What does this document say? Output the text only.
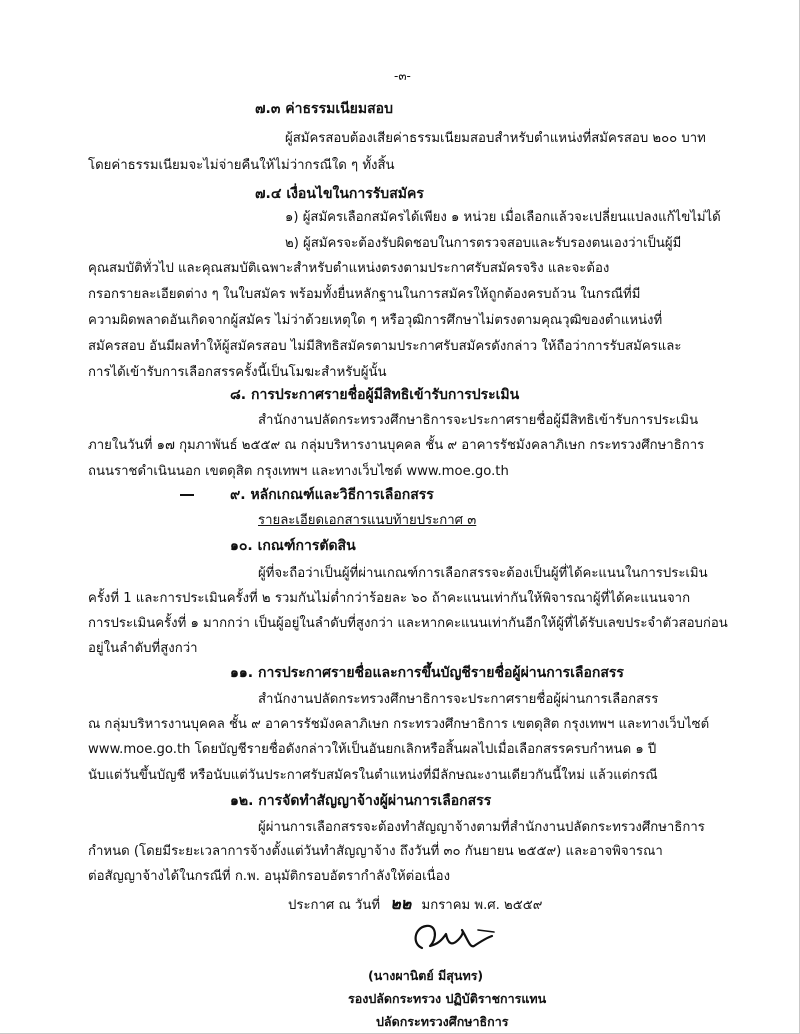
-๓-
๗.๓ ค่าธรรมเนียมสอบ
ผู้สมัครสอบต้องเสียค่าธรรมเนียมสอบสำหรับตำแหน่งที่สมัครสอบ ๒๐๐ บาท
โดยค่าธรรมเนียมจะไม่จ่ายคืนให้ไม่ว่ากรณีใด ๆ ทั้งสิ้น
๗.๔ เงื่อนไขในการรับสมัคร
๑) ผู้สมัครเลือกสมัครได้เพียง ๑ หน่วย เมื่อเลือกแล้วจะเปลี่ยนแปลงแก้ไขไม่ได้
๒) ผู้สมัครจะต้องรับผิดชอบในการตรวจสอบและรับรองตนเองว่าเป็นผู้มี
คุณสมบัติทั่วไป และคุณสมบัติเฉพาะสำหรับตำแหน่งตรงตามประกาศรับสมัครจริง และจะต้อง
กรอกรายละเอียดต่าง ๆ ในใบสมัคร พร้อมทั้งยื่นหลักฐานในการสมัครให้ถูกต้องครบถ้วน ในกรณีที่มี
ความผิดพลาดอันเกิดจากผู้สมัคร ไม่ว่าด้วยเหตุใด ๆ หรือวุฒิการศึกษาไม่ตรงตามคุณวุฒิของตำแหน่งที่
สมัครสอบ อันมีผลทำให้ผู้สมัครสอบ ไม่มีสิทธิสมัครตามประกาศรับสมัครดังกล่าว ให้ถือว่าการรับสมัครและ
การได้เข้ารับการเลือกสรรครั้งนี้เป็นโมฆะสำหรับผู้นั้น
๘. การประกาศรายชื่อผู้มีสิทธิเข้ารับการประเมิน
สำนักงานปลัดกระทรวงศึกษาธิการจะประกาศรายชื่อผู้มีสิทธิเข้ารับการประเมิน
ภายในวันที่ ๑๗ กุมภาพันธ์ ๒๕๕๙ ณ กลุ่มบริหารงานบุคคล ชั้น ๙ อาคารรัชมังคลาภิเษก กระทรวงศึกษาธิการ
ถนนราชดำเนินนอก เขตดุสิต กรุงเทพฯ และทางเว็บไซต์ www.moe.go.th
๙. หลักเกณฑ์และวิธีการเลือกสรร
รายละเอียดเอกสารแนบท้ายประกาศ ๓
๑๐. เกณฑ์การตัดสิน
ผู้ที่จะถือว่าเป็นผู้ที่ผ่านเกณฑ์การเลือกสรรจะต้องเป็นผู้ที่ได้คะแนนในการประเมิน
ครั้งที่ 1 และการประเมินครั้งที่ ๒ รวมกันไม่ต่ำกว่าร้อยละ ๖๐ ถ้าคะแนนเท่ากันให้พิจารณาผู้ที่ได้คะแนนจาก
การประเมินครั้งที่ ๑ มากกว่า เป็นผู้อยู่ในลำดับที่สูงกว่า และหากคะแนนเท่ากันอีกให้ผู้ที่ได้รับเลขประจำตัวสอบก่อน
อยู่ในลำดับที่สูงกว่า
๑๑. การประกาศรายชื่อและการขึ้นบัญชีรายชื่อผู้ผ่านการเลือกสรร
สำนักงานปลัดกระทรวงศึกษาธิการจะประกาศรายชื่อผู้ผ่านการเลือกสรร
ณ กลุ่มบริหารงานบุคคล ชั้น ๙ อาคารรัชมังคลาภิเษก กระทรวงศึกษาธิการ เขตดุสิต กรุงเทพฯ และทางเว็บไซต์
www.moe.go.th โดยบัญชีรายชื่อดังกล่าวให้เป็นอันยกเลิกหรือสิ้นผลไปเมื่อเลือกสรรครบกำหนด ๑ ปี
นับแต่วันขึ้นบัญชี หรือนับแต่วันประกาศรับสมัครในตำแหน่งที่มีลักษณะงานเดียวกันนี้ใหม่ แล้วแต่กรณี
๑๒. การจัดทำสัญญาจ้างผู้ผ่านการเลือกสรร
ผู้ผ่านการเลือกสรรจะต้องทำสัญญาจ้างตามที่สำนักงานปลัดกระทรวงศึกษาธิการ
กำหนด (โดยมีระยะเวลาการจ้างตั้งแต่วันทำสัญญาจ้าง ถึงวันที่ ๓๐ กันยายน ๒๕๕๙) และอาจพิจารณา
ต่อสัญญาจ้างได้ในกรณีที่ ก.พ. อนุมัติกรอบอัตรากำลังให้ต่อเนื่อง
ประกาศ ณ วันที่ ๒๒ มกราคม พ.ศ. ๒๕๕๙
(นางผานิตย์ มีสุนทร)
รองปลัดกระทรวง ปฏิบัติราชการแทน
ปลัดกระทรวงศึกษาธิการ
